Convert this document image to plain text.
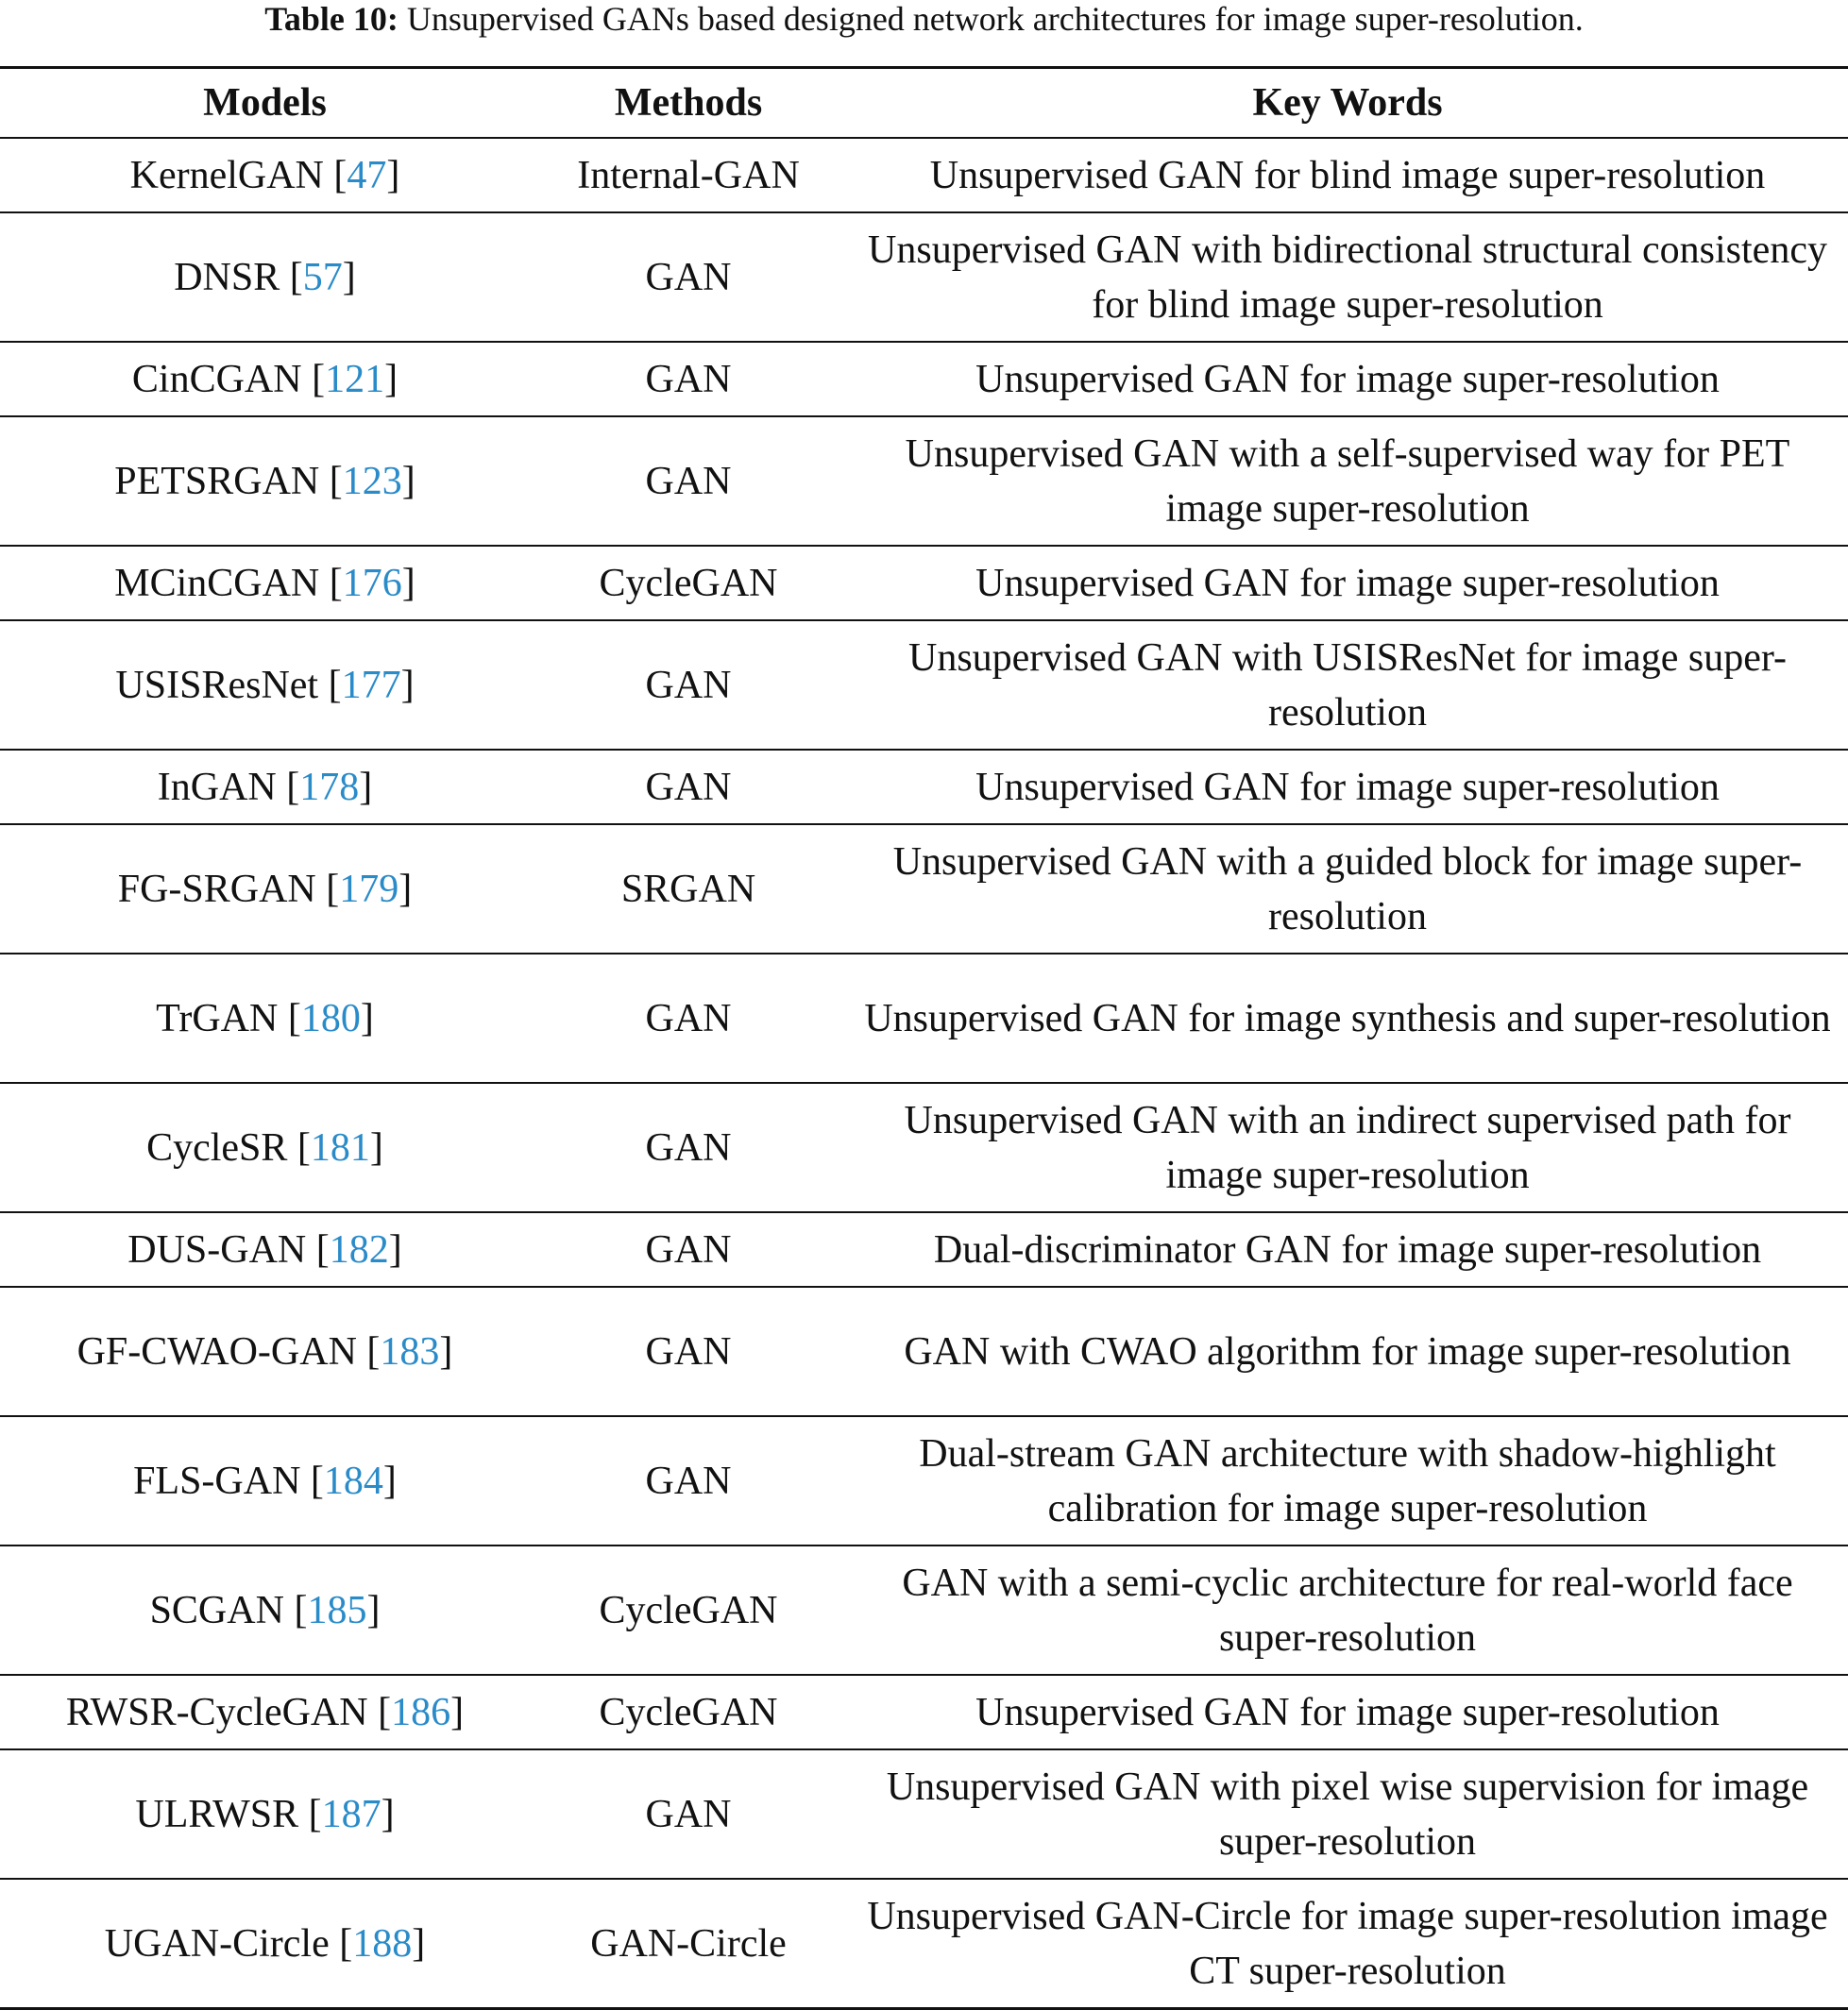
Table 10: Unsupervised GANs based designed network architectures for image super-resolution.
Models	Methods	Key Words
KernelGAN [47]	Internal-GAN	Unsupervised GAN for blind image super-resolution
DNSR [57]	GAN	Unsupervised GAN with bidirectional structural consistency for blind image super-resolution
CinCGAN [121]	GAN	Unsupervised GAN for image super-resolution
PETSRGAN [123]	GAN	Unsupervised GAN with a self-supervised way for PET image super-resolution
MCinCGAN [176]	CycleGAN	Unsupervised GAN for image super-resolution
USISResNet [177]	GAN	Unsupervised GAN with USISResNet for image super-resolution
InGAN [178]	GAN	Unsupervised GAN for image super-resolution
FG-SRGAN [179]	SRGAN	Unsupervised GAN with a guided block for image super-resolution
TrGAN [180]	GAN	Unsupervised GAN for image synthesis and super-resolution
CycleSR [181]	GAN	Unsupervised GAN with an indirect supervised path for image super-resolution
DUS-GAN [182]	GAN	Dual-discriminator GAN for image super-resolution
GF-CWAO-GAN [183]	GAN	GAN with CWAO algorithm for image super-resolution
FLS-GAN [184]	GAN	Dual-stream GAN architecture with shadow-highlight calibration for image super-resolution
SCGAN [185]	CycleGAN	GAN with a semi-cyclic architecture for real-world face super-resolution
RWSR-CycleGAN [186]	CycleGAN	Unsupervised GAN for image super-resolution
ULRWSR [187]	GAN	Unsupervised GAN with pixel wise supervision for image super-resolution
UGAN-Circle [188]	GAN-Circle	Unsupervised GAN-Circle for image super-resolution image CT super-resolution
